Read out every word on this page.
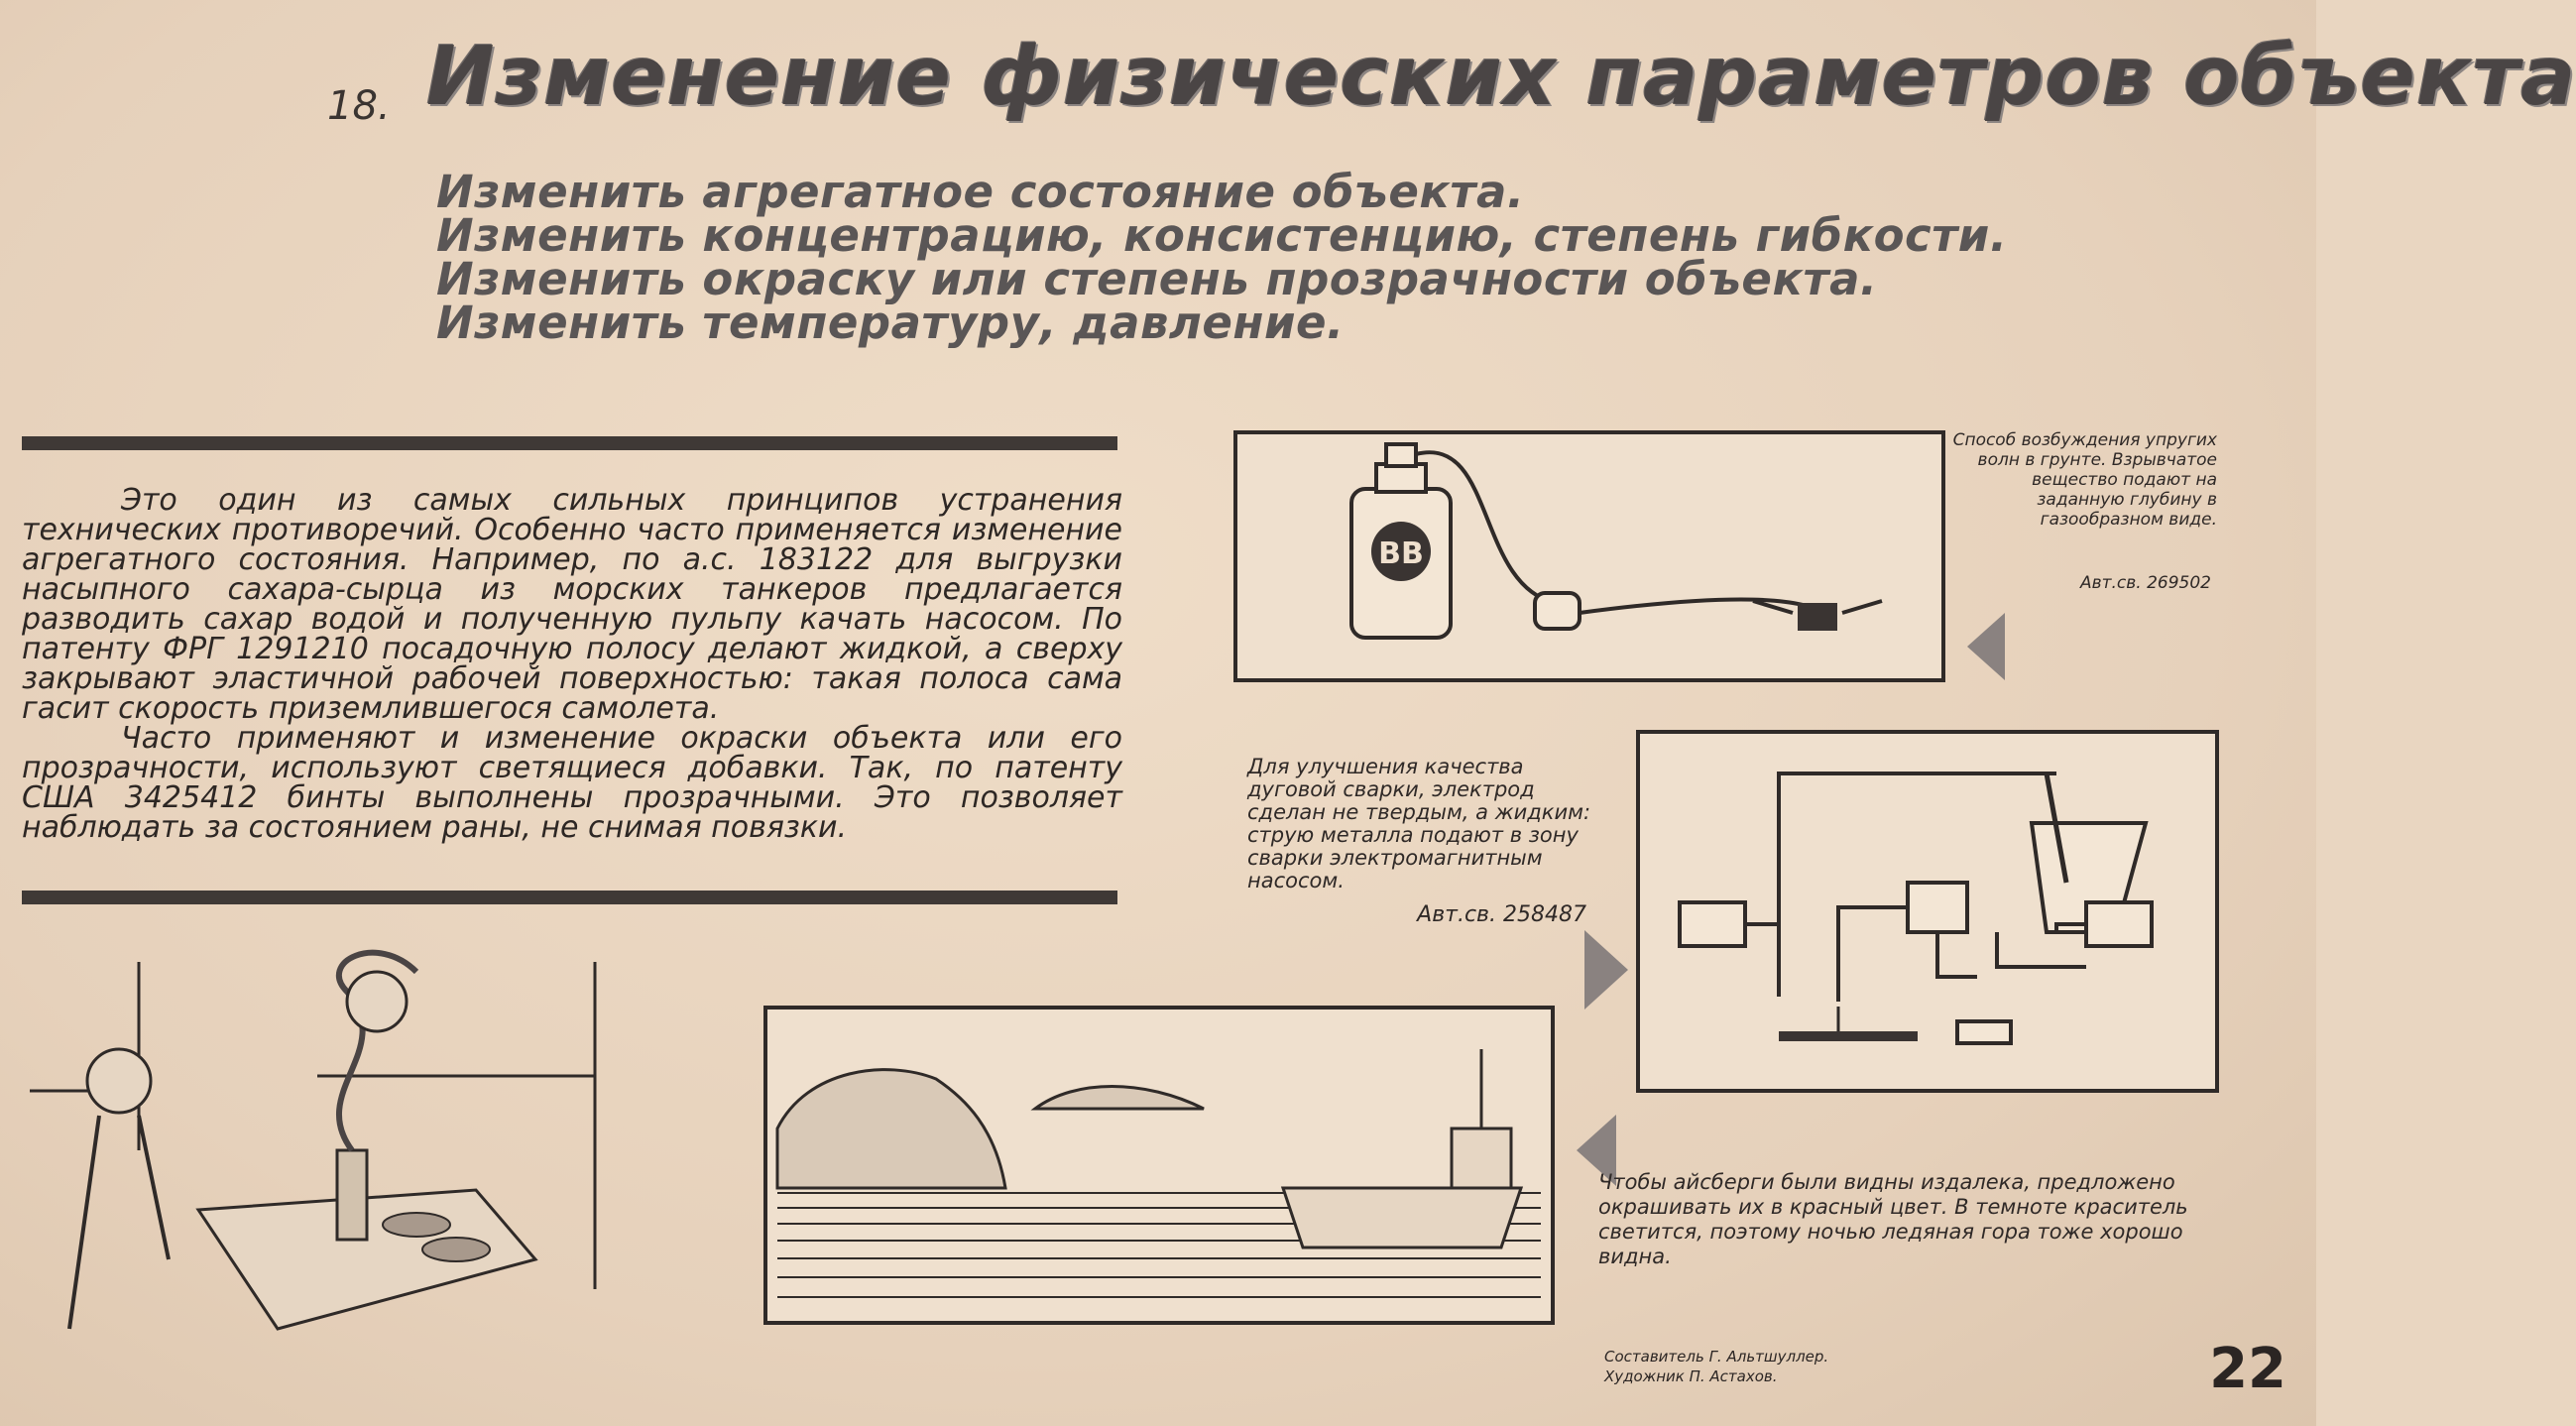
18. Изменение физических параметров объекта
Изменить агрегатное состояние объекта.
Изменить концентрацию, консистенцию, степень гибкости.
Изменить окраску или степень прозрачности объекта.
Изменить температуру, давление.

Это один из самых сильных принципов устранения технических противоречий. Особенно часто применяется изменение агрегатного состояния. Например, по а.с. 183122 для выгрузки насыпного сахара-сырца из морских танкеров предлагается разводить сахар водой и полученную пульпу качать насосом. По патенту ФРГ 1291210 посадочную полосу делают жидкой, а сверху закрывают эластичной рабочей поверхностью: такая полоса сама гасит скорость приземлившегося самолета.

Часто применяют и изменение окраски объекта или его прозрачности, используют светящиеся добавки. Так, по патенту США 3425412 бинты выполнены прозрачными. Это позволяет наблюдать за состоянием раны, не снимая повязки.

ВВ
Способ возбуждения упругих волн в грунте. Взрывчатое вещество подают на заданную глубину в газообразном виде.
Авт.св. 269502
Для улучшения качества дуговой сварки, электрод сделан не твердым, а жидким: струю металла подают в зону сварки электромагнитным насосом.
Авт.св. 258487
Чтобы айсберги были видны издалека, предложено окрашивать их в красный цвет. В темноте краситель светится, поэтому ночью ледяная гора тоже хорошо видна.
Составитель Г. Альтшуллер.
Художник П. Астахов.	22
